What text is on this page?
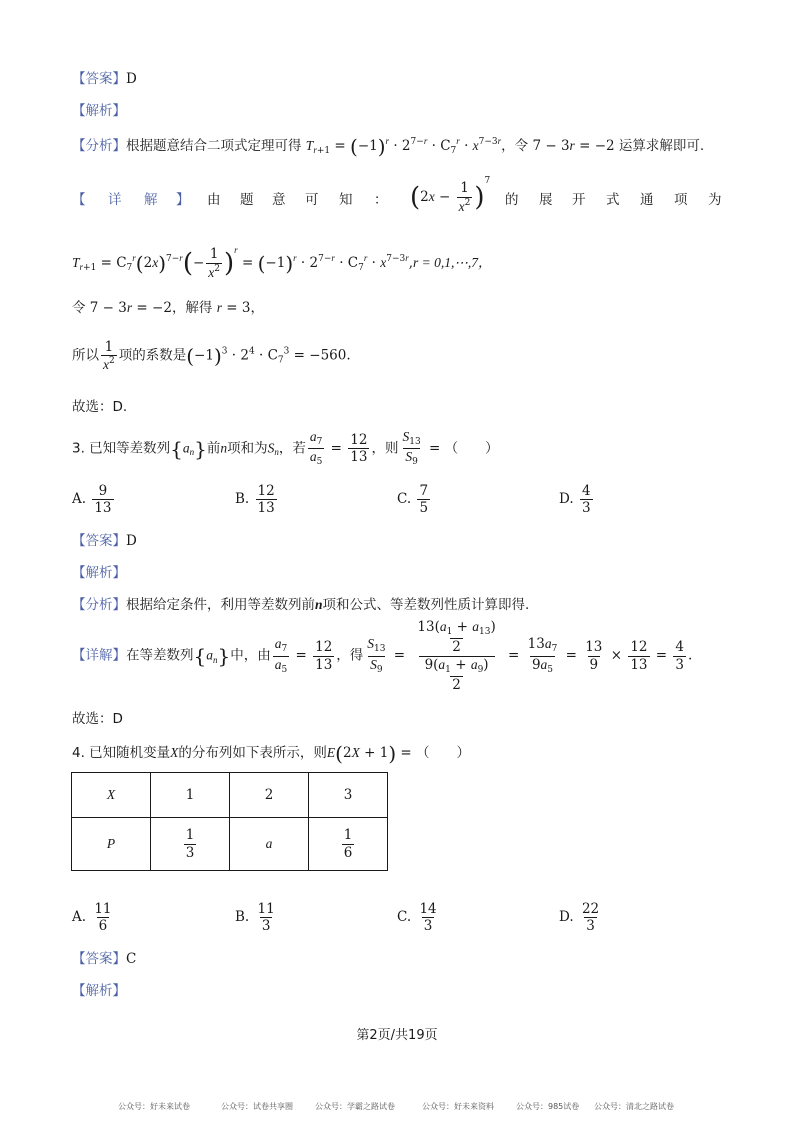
【答案】D
【解析】
【分析】根据题意结合二项式定理可得 $T_{r+1} = (-1)^r \cdot 2^{7-r} \cdot C_7^r \cdot x^{7-3r}$，令 7 − 3r = −2 运算求解即可.
【 详 解 】 由 题 意 可 知 ：	的 展 开 式 通 项 为
$(2x - \frac{1}{x^2} )^7$
$T_{r+1} = C_7^r(2x)^{7-r}(- \frac{1}{x^2} )^r = (-1)^r \cdot 2^{7-r} \cdot C_7^r \cdot x^{7-3r},r$ = 0,1,⋯,7，
令 7 − 3r = −2，解得 r = 3，
所以 $\frac{1}{x^2}$ 项的系数是$(-1)^3 \cdot 2^4 \cdot C_7^3 = -560$.
故选：D.
3. 已知等差数列$\{a_n\}$前n项和为$S_n$，若 $\frac{a_7}{a_5} = \frac{12}{13}$ ，则 $\frac{S_{13}}{S_9}$ = （　　）
A. $\frac{9}{13}$	B. $\frac{12}{13}$	C. $\frac{7}{5}$	D. $\frac{4}{3}$
【答案】D
【解析】
【分析】根据给定条件，利用等差数列前n项和公式、等差数列性质计算即得.
【详解】在等差数列$\{a_n\}$中，由 $\frac{a_7}{a_5} = \frac{12}{13}$ ，得 $\frac{S_{13}}{S_9} = \frac{\frac{13(a_1 + a_{13})}{2}}{\frac{9(a_1 + a_9)}{2}} = \frac{13a_7}{9a_5} = \frac{13}{9} \times \frac{12}{13} = \frac{4}{3}$ .
故选：D
4. 已知随机变量X的分布列如下表所示，则E(2X + 1) = （　　）
X	1	2	3
P	$\frac{1}{3}$	a	$\frac{1}{6}$
A. $\frac{11}{6}$	B. $\frac{11}{3}$	C. $\frac{14}{3}$	D. $\frac{22}{3}$
【答案】C
【解析】
第2页/共19页
公众号：好未来试卷	公众号：试卷共享圈	公众号：学霸之路试卷	公众号：好未来资料	公众号：985试卷 公众号：清北之路试卷
